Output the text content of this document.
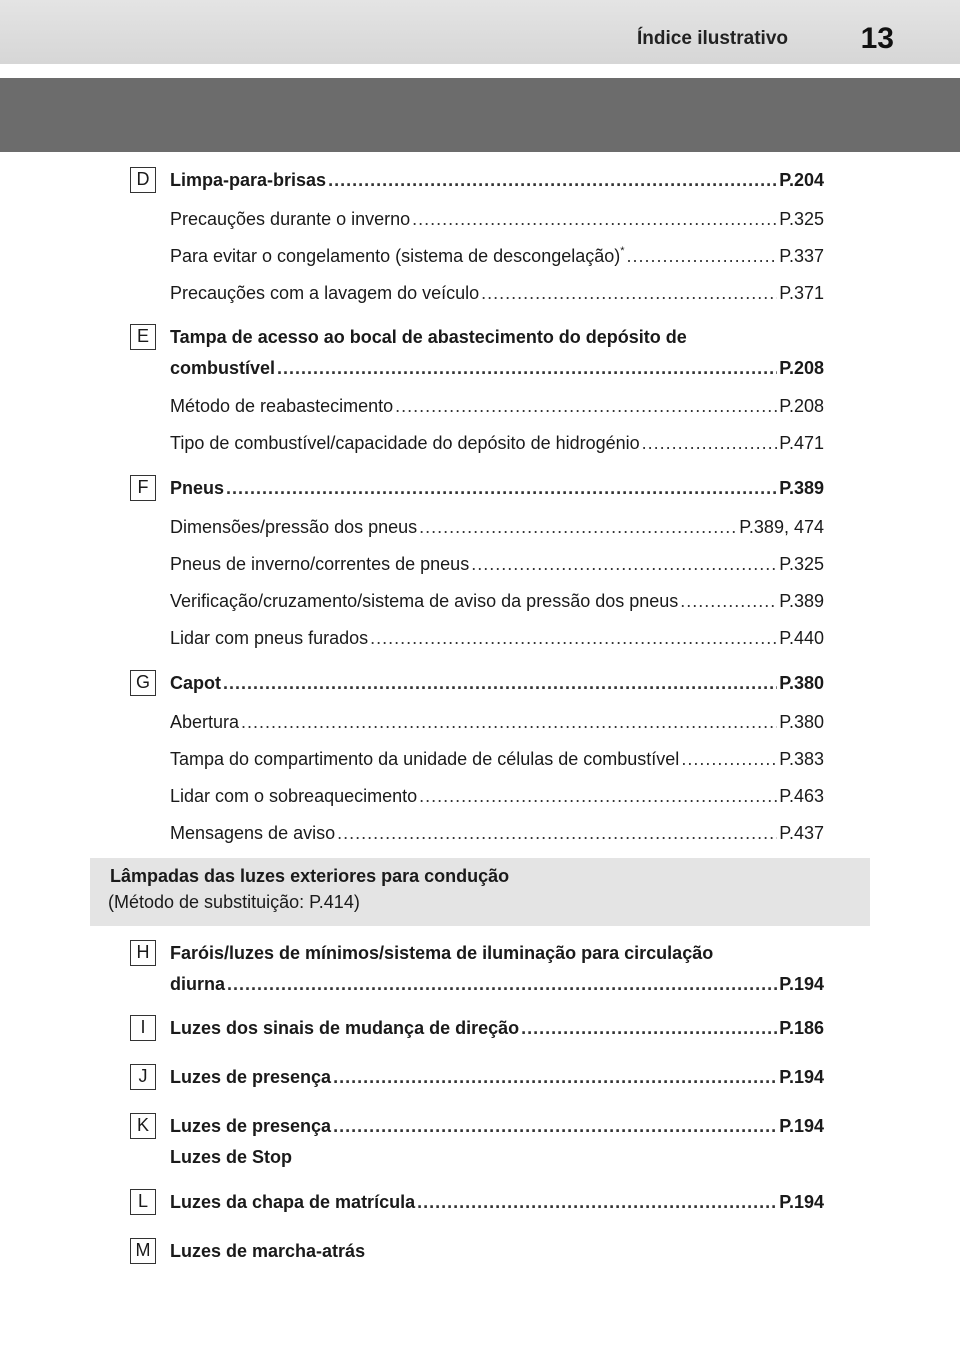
Índice ilustrativo 13
D	Limpa-para-brisas .....	P.204
Precauções durante o inverno .....	P.325
Para evitar o congelamento (sistema de descongelação)* .....	P.337
Precauções com a lavagem do veículo .....	P.371
E	Tampa de acesso ao bocal de abastecimento do depósito de
combustível .....	P.208
Método de reabastecimento .....	P.208
Tipo de combustível/capacidade do depósito de hidrogénio .....	P.471
F	Pneus .....	P.389
Dimensões/pressão dos pneus .....	P.389, 474
Pneus de inverno/correntes de pneus .....	P.325
Verificação/cruzamento/sistema de aviso da pressão dos pneus .....	P.389
Lidar com pneus furados .....	P.440
G	Capot .....	P.380
Abertura .....	P.380
Tampa do compartimento da unidade de células de combustível .....	P.383
Lidar com o sobreaquecimento .....	P.463
Mensagens de aviso .....	P.437
Lâmpadas das luzes exteriores para condução
(Método de substituição: P.414)
H	Faróis/luzes de mínimos/sistema de iluminação para circulação
diurna .....	P.194
I	Luzes dos sinais de mudança de direção .....	P.186
J	Luzes de presença .....	P.194
K	Luzes de presença .....	P.194
Luzes de Stop
L	Luzes da chapa de matrícula .....	P.194
M	Luzes de marcha-atrás
